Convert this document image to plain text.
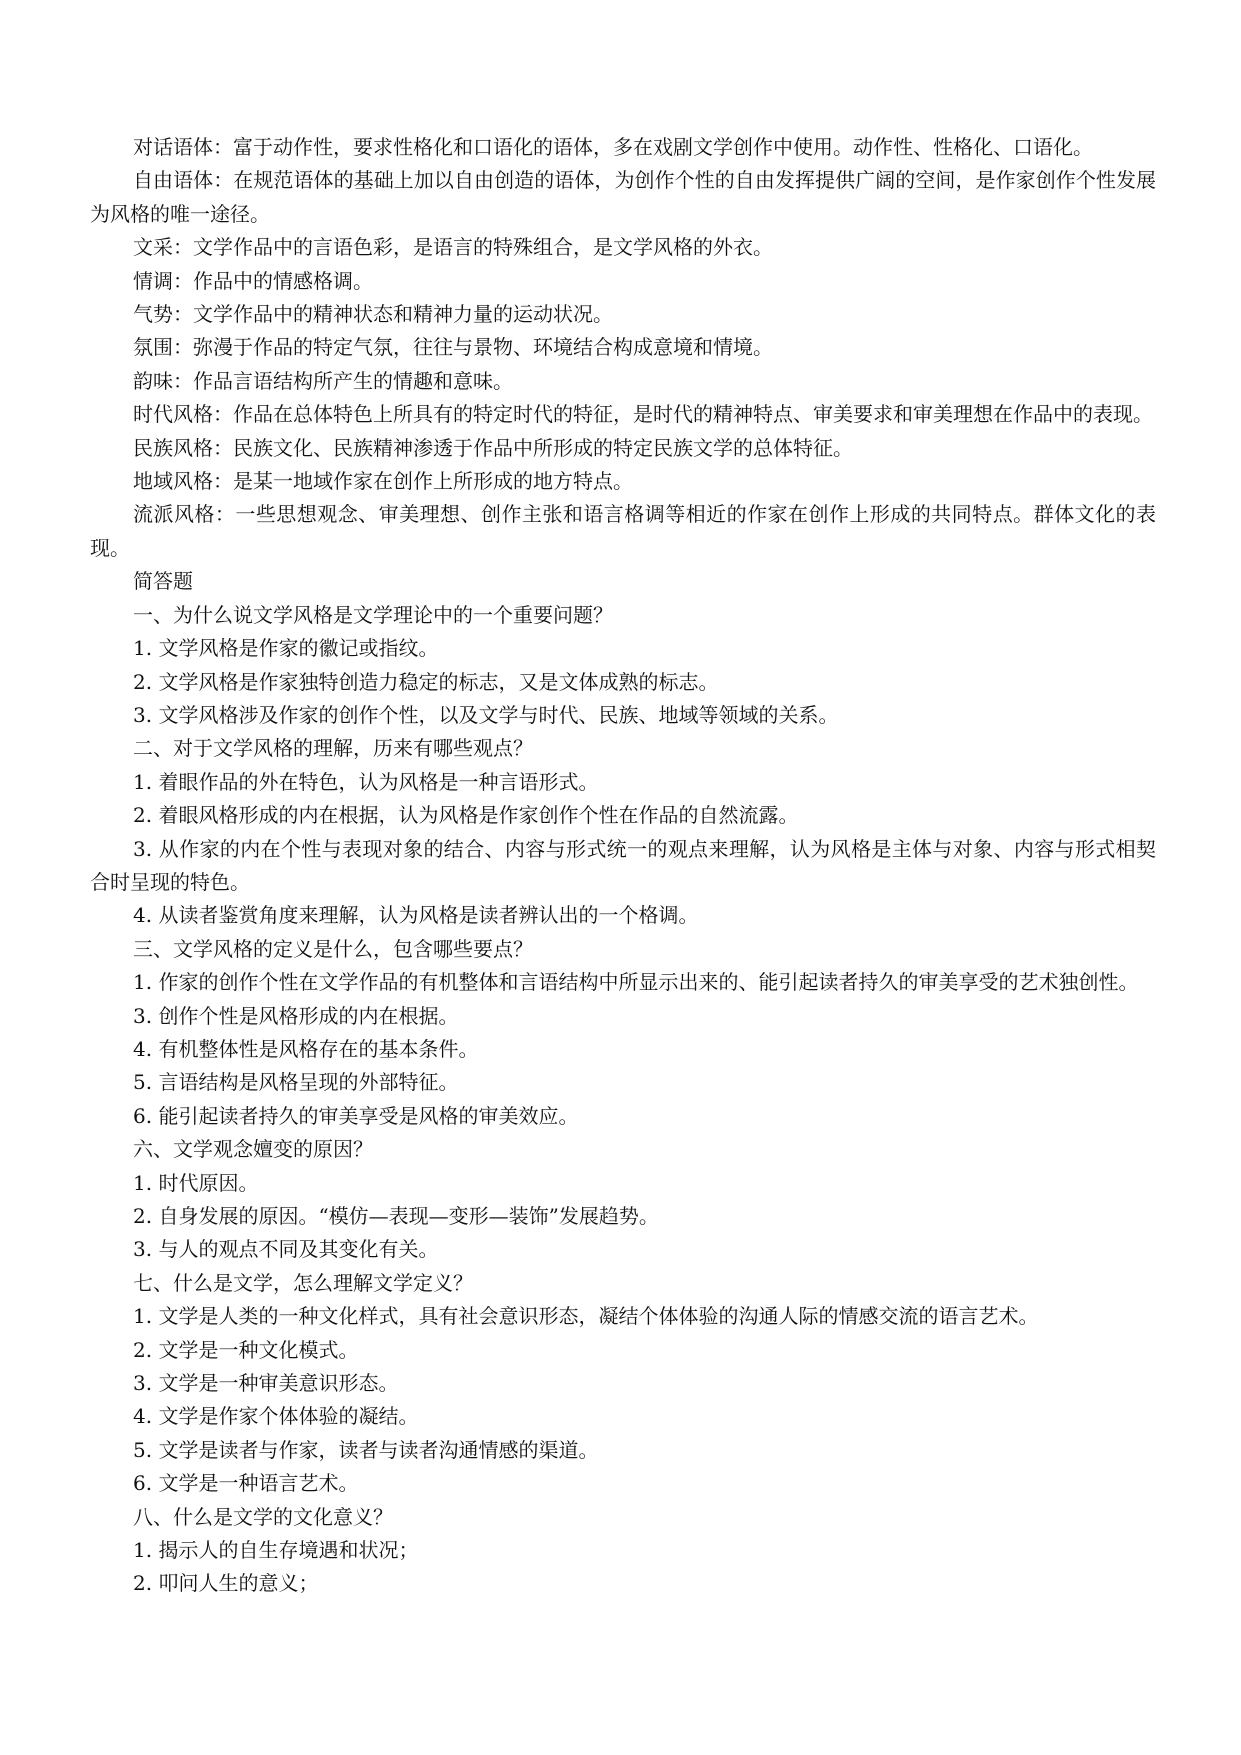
对话语体：富于动作性，要求性格化和口语化的语体，多在戏剧文学创作中使用。动作性、性格化、口语化。

自由语体：在规范语体的基础上加以自由创造的语体，为创作个性的自由发挥提供广阔的空间，是作家创作个性发展为风格的唯一途径。

文采：文学作品中的言语色彩，是语言的特殊组合，是文学风格的外衣。

情调：作品中的情感格调。

气势：文学作品中的精神状态和精神力量的运动状况。

氛围：弥漫于作品的特定气氛，往往与景物、环境结合构成意境和情境。

韵味：作品言语结构所产生的情趣和意味。

时代风格：作品在总体特色上所具有的特定时代的特征，是时代的精神特点、审美要求和审美理想在作品中的表现。

民族风格：民族文化、民族精神渗透于作品中所形成的特定民族文学的总体特征。

地域风格：是某一地域作家在创作上所形成的地方特点。

流派风格：一些思想观念、审美理想、创作主张和语言格调等相近的作家在创作上形成的共同特点。群体文化的表现。

简答题

一、为什么说文学风格是文学理论中的一个重要问题？

1. 文学风格是作家的徽记或指纹。

2. 文学风格是作家独特创造力稳定的标志，又是文体成熟的标志。

3. 文学风格涉及作家的创作个性，以及文学与时代、民族、地域等领域的关系。

二、对于文学风格的理解，历来有哪些观点？

1. 着眼作品的外在特色，认为风格是一种言语形式。

2. 着眼风格形成的内在根据，认为风格是作家创作个性在作品的自然流露。

3. 从作家的内在个性与表现对象的结合、内容与形式统一的观点来理解，认为风格是主体与对象、内容与形式相契合时呈现的特色。

4. 从读者鉴赏角度来理解，认为风格是读者辨认出的一个格调。

三、文学风格的定义是什么，包含哪些要点？

1. 作家的创作个性在文学作品的有机整体和言语结构中所显示出来的、能引起读者持久的审美享受的艺术独创性。

3. 创作个性是风格形成的内在根据。

4. 有机整体性是风格存在的基本条件。

5. 言语结构是风格呈现的外部特征。

6. 能引起读者持久的审美享受是风格的审美效应。

六、文学观念嬗变的原因？

1. 时代原因。

2. 自身发展的原因。“模仿—表现—变形—装饰”发展趋势。

3. 与人的观点不同及其变化有关。

七、什么是文学，怎么理解文学定义？

1. 文学是人类的一种文化样式，具有社会意识形态，凝结个体体验的沟通人际的情感交流的语言艺术。

2. 文学是一种文化模式。

3. 文学是一种审美意识形态。

4. 文学是作家个体体验的凝结。

5. 文学是读者与作家，读者与读者沟通情感的渠道。

6. 文学是一种语言艺术。

八、什么是文学的文化意义？

1. 揭示人的自生存境遇和状况；

2. 叩问人生的意义；
